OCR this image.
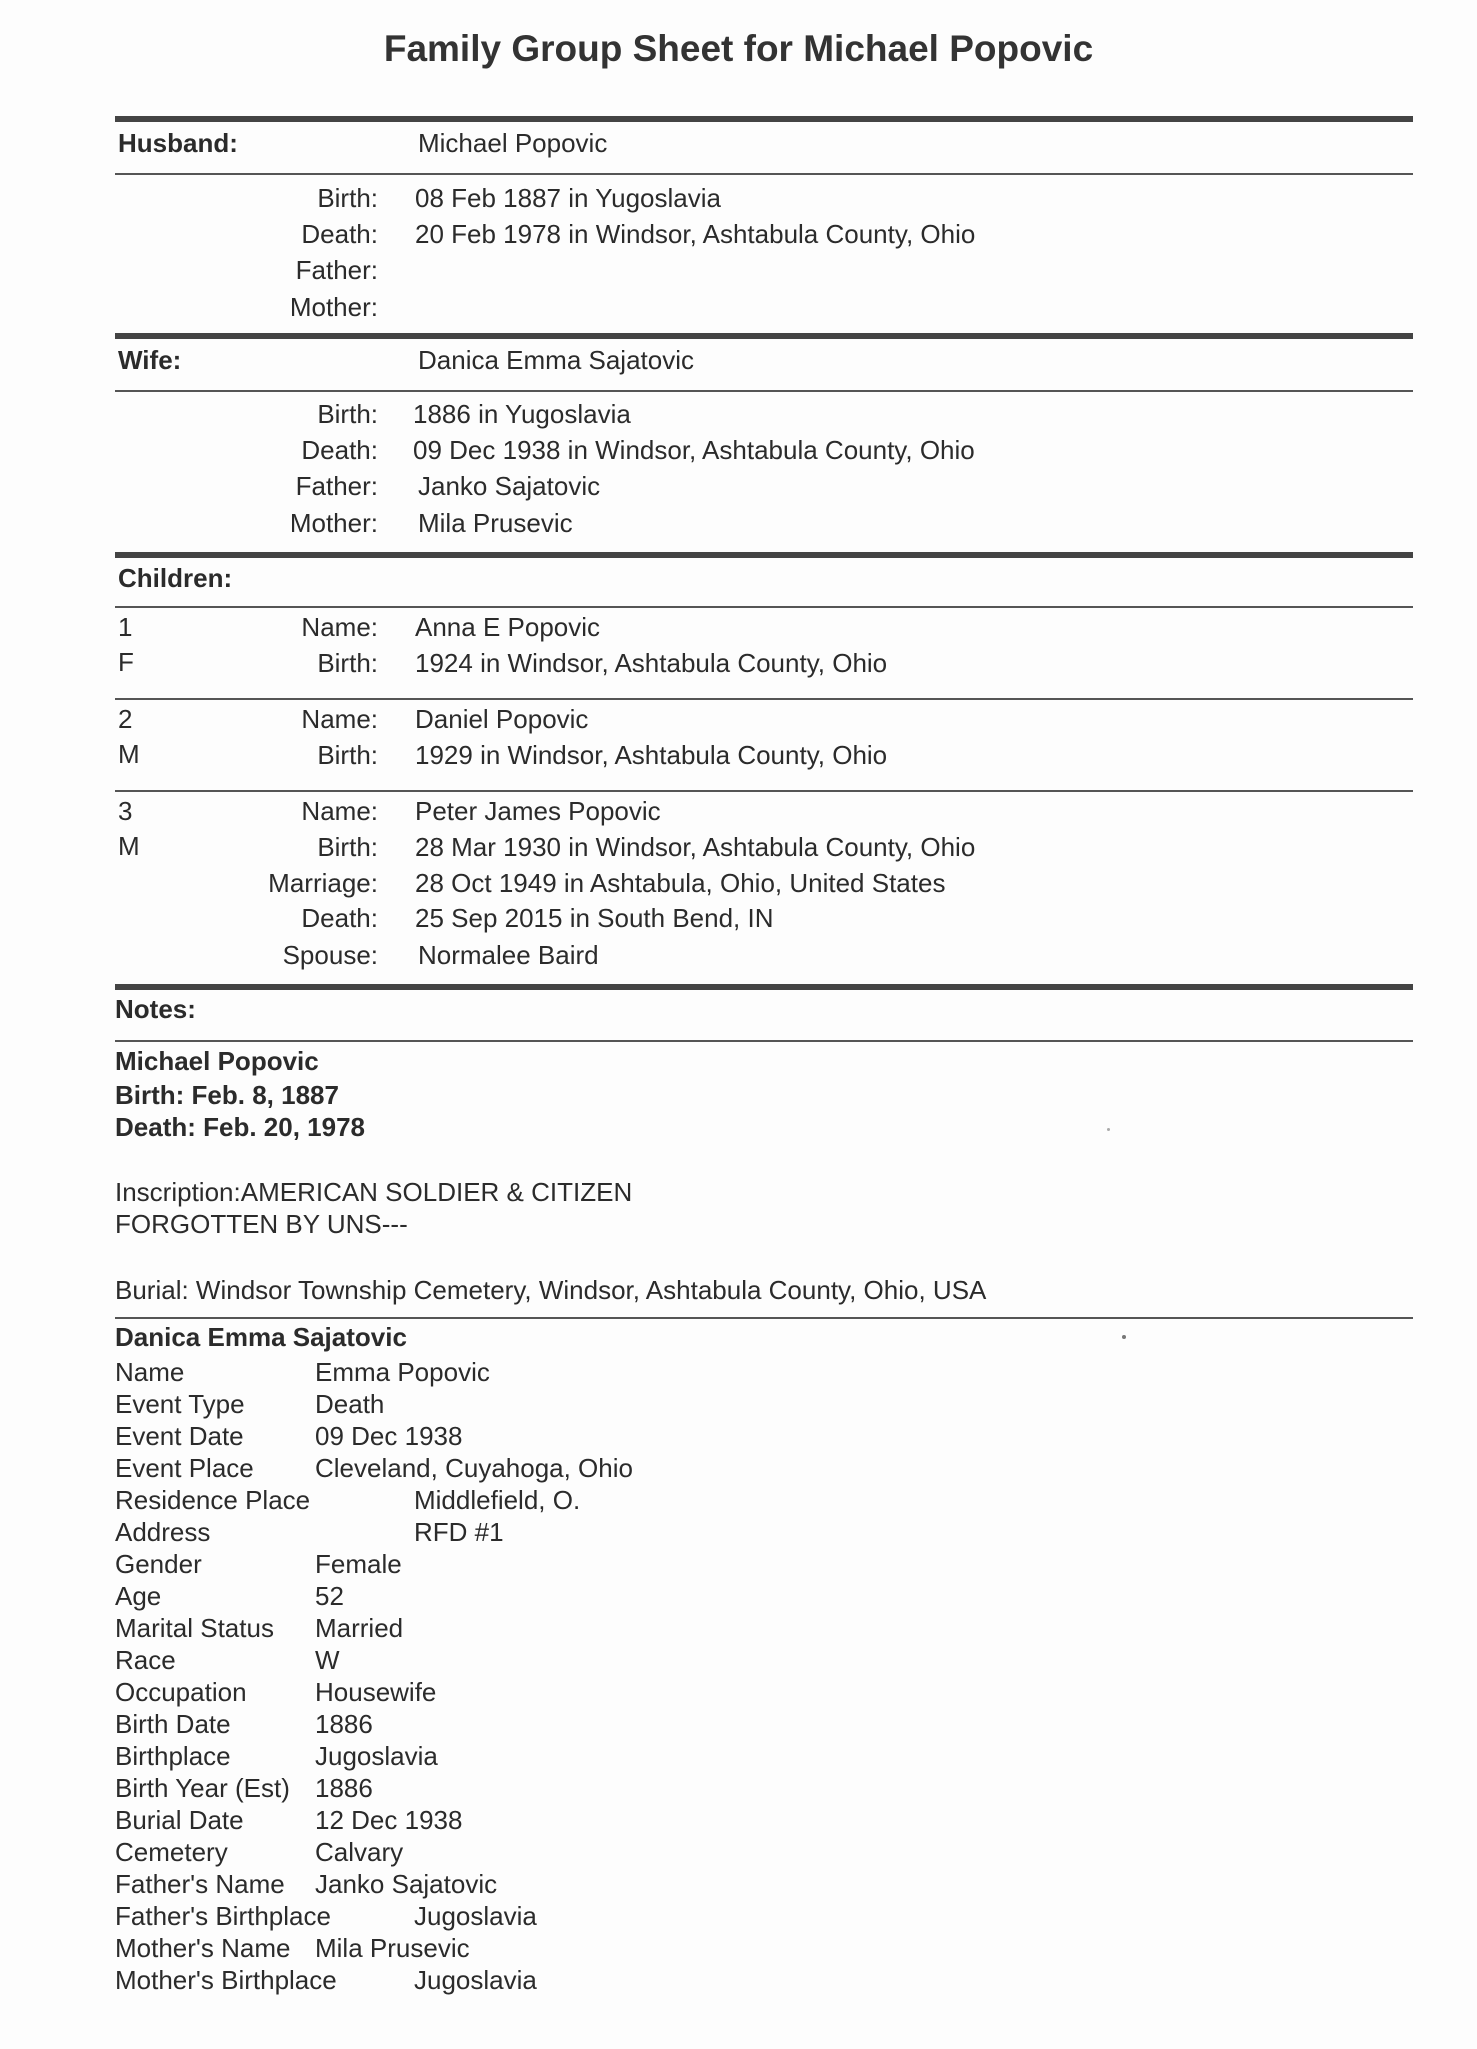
Family Group Sheet for Michael Popovic
Husband:	Michael Popovic
Birth: 08 Feb 1887 in Yugoslavia
Death: 20 Feb 1978 in Windsor, Ashtabula County, Ohio
Father:
Mother:
Wife:	Danica Emma Sajatovic
Birth: 1886 in Yugoslavia
Death: 09 Dec 1938 in Windsor, Ashtabula County, Ohio
Father: Janko Sajatovic
Mother: Mila Prusevic
Children:
1
F
Name: Anna E Popovic
Birth: 1924 in Windsor, Ashtabula County, Ohio
2
M
Name: Daniel Popovic
Birth: 1929 in Windsor, Ashtabula County, Ohio
3
M
Name: Peter James Popovic
Birth: 28 Mar 1930 in Windsor, Ashtabula County, Ohio
Marriage: 28 Oct 1949 in Ashtabula, Ohio, United States
Death: 25 Sep 2015 in South Bend, IN
Spouse: Normalee Baird
Notes:
Michael Popovic
Birth: Feb. 8, 1887
Death: Feb. 20, 1978
Inscription:AMERICAN SOLDIER & CITIZEN
FORGOTTEN BY UNS---
Burial: Windsor Township Cemetery, Windsor, Ashtabula County, Ohio, USA
Danica Emma Sajatovic
Name	Emma Popovic
Event Type	Death
Event Date	09 Dec 1938
Event Place Cleveland, Cuyahoga, Ohio
Residence Place	Middlefield, O.
Address	RFD #1
Gender	Female
Age	52
Marital Status Married
Race	W
Occupation	Housewife
Birth Date	1886
Birthplace	Jugoslavia
Birth Year (Est) 1886
Burial Date	12 Dec 1938
Cemetery	Calvary
Father's Name Janko Sajatovic
Father's Birthplace	Jugoslavia
Mother's Name Mila Prusevic
Mother's Birthplace	Jugoslavia
